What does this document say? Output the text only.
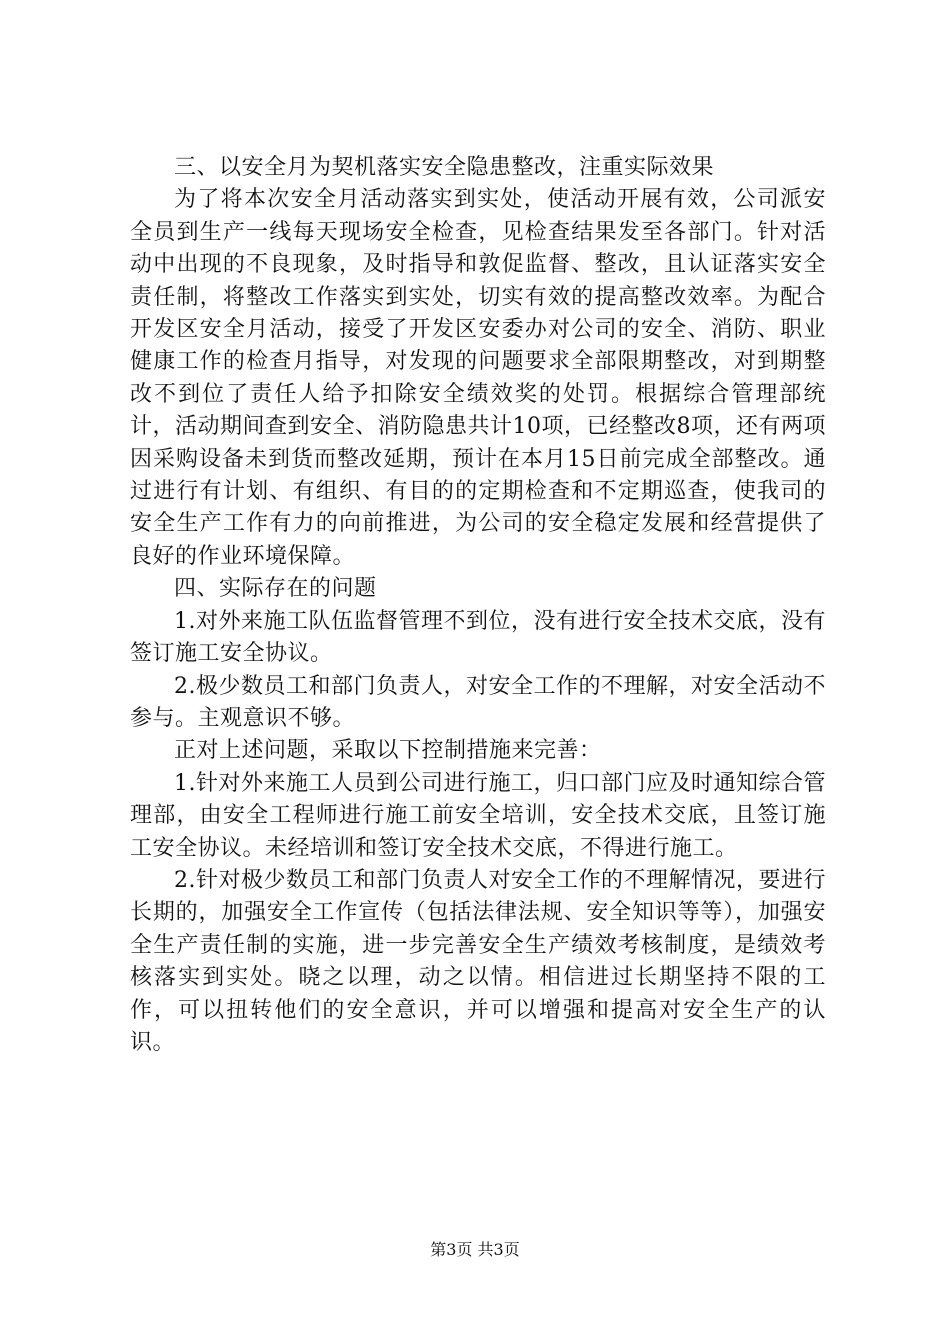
三、以安全月为契机落实安全隐患整改，注重实际效果

为了将本次安全月活动落实到实处，使活动开展有效，公司派安全员到生产一线每天现场安全检查，见检查结果发至各部门。针对活动中出现的不良现象，及时指导和敦促监督、整改，且认证落实安全责任制，将整改工作落实到实处，切实有效的提高整改效率。为配合开发区安全月活动，接受了开发区安委办对公司的安全、消防、职业健康工作的检查月指导，对发现的问题要求全部限期整改，对到期整改不到位了责任人给予扣除安全绩效奖的处罚。根据综合管理部统计，活动期间查到安全、消防隐患共计10项，已经整改8项，还有两项因采购设备未到货而整改延期，预计在本月15日前完成全部整改。通过进行有计划、有组织、有目的的定期检查和不定期巡查，使我司的安全生产工作有力的向前推进，为公司的安全稳定发展和经营提供了良好的作业环境保障。

四、实际存在的问题

1.对外来施工队伍监督管理不到位，没有进行安全技术交底，没有签订施工安全协议。

2.极少数员工和部门负责人，对安全工作的不理解，对安全活动不参与。主观意识不够。

正对上述问题，采取以下控制措施来完善：

1.针对外来施工人员到公司进行施工，归口部门应及时通知综合管理部，由安全工程师进行施工前安全培训，安全技术交底，且签订施工安全协议。未经培训和签订安全技术交底，不得进行施工。

2.针对极少数员工和部门负责人对安全工作的不理解情况，要进行长期的，加强安全工作宣传（包括法律法规、安全知识等等），加强安全生产责任制的实施，进一步完善安全生产绩效考核制度，是绩效考核落实到实处。晓之以理，动之以情。相信进过长期坚持不限的工作，可以扭转他们的安全意识，并可以增强和提高对安全生产的认识。

第3页 共3页
